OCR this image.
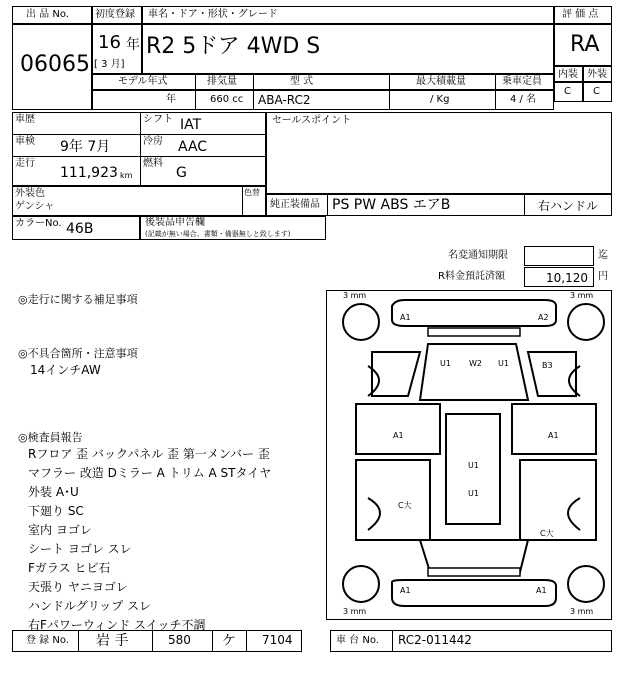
出 品 No.
06065
初度登録
16 年
[ 3 月]
車名・ドア・形状・グレード
R2 5ドア 4WD S
評 価 点
RA
内装 外装
C C
モデル年式	排気量	型 式	最大積載量	乗車定員
年	660 cc ABA-RC2	/ Kg	4 / 名
車歴	シフト IAT
車検 9年 7月	冷房 AAC
走行
111,923 km
燃料
G
セールスポイント
外装色
ゲンシャ
色替
純正装備品 PS PW ABS エアB	右ハンドル
カラーNo. 46B	後装品申告欄
(記載が無い場合、書類・備器無しと致します)
名変通知期限	迄
R料金預託済額	10,120 円
◎走行に関する補足事項
◎不具合箇所・注意事項
14インチAW
◎検査員報告
Rフロア 歪 バックパネル 歪 第一メンバー 歪
マフラー 改造 Dミラー A トリム A STタイヤ
外装 A･U
下廻り SC
室内 ヨゴレ
シート ヨゴレ スレ
Fガラス ヒビ石
天張り ヤニヨゴレ
ハンドルグリップ スレ
右Fパワーウィンド スイッチ不調
3 mm	3 mm
3 mm	3 mm
A1	A2
U1 W2 U1	B3
A1	A1
U1
U1
C大
C大
A1	A1
登 録 No. 岩 手	580 ケ 7104	車 台 No. RC2-011442
